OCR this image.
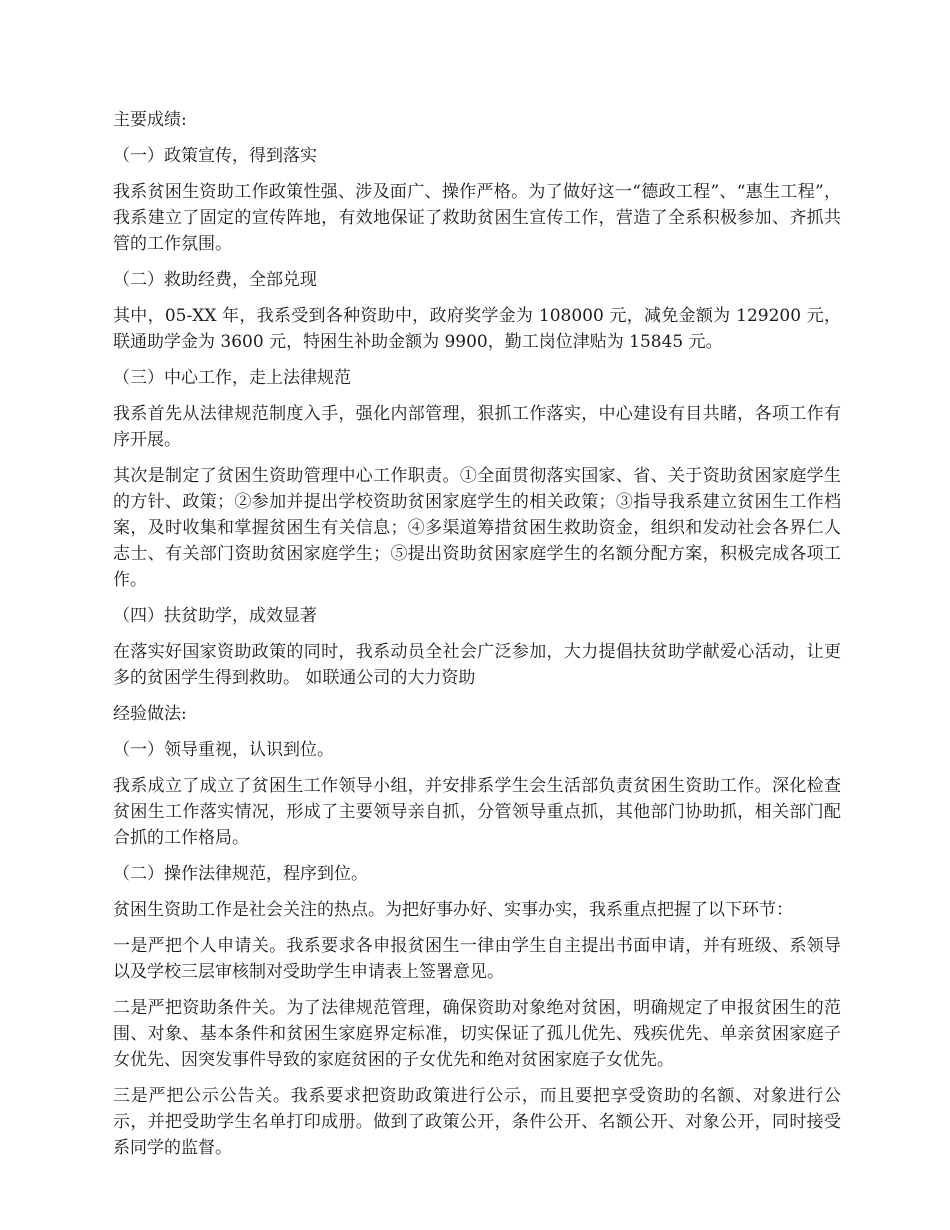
主要成绩:

（一）政策宣传，得到落实

我系贫困生资助工作政策性强、涉及面广、操作严格。为了做好这一“德政工程”、“惠生工程”，我系建立了固定的宣传阵地，有效地保证了救助贫困生宣传工作，营造了全系积极参加、齐抓共管的工作氛围。

（二）救助经费，全部兑现

其中，05-XX 年，我系受到各种资助中，政府奖学金为 108000 元，减免金额为 129200 元，联通助学金为 3600 元，特困生补助金额为 9900，勤工岗位津贴为 15845 元。

（三）中心工作，走上法律规范

我系首先从法律规范制度入手，强化内部管理，狠抓工作落实，中心建设有目共睹，各项工作有序开展。

其次是制定了贫困生资助管理中心工作职责。①全面贯彻落实国家、省、关于资助贫困家庭学生的方针、政策；②参加并提出学校资助贫困家庭学生的相关政策；③指导我系建立贫困生工作档案，及时收集和掌握贫困生有关信息；④多渠道筹措贫困生救助资金，组织和发动社会各界仁人志士、有关部门资助贫困家庭学生；⑤提出资助贫困家庭学生的名额分配方案，积极完成各项工作。

（四）扶贫助学，成效显著

在落实好国家资助政策的同时，我系动员全社会广泛参加，大力提倡扶贫助学献爱心活动，让更多的贫困学生得到救助。 如联通公司的大力资助

经验做法:

（一）领导重视，认识到位。

我系成立了成立了贫困生工作领导小组，并安排系学生会生活部负责贫困生资助工作。深化检查贫困生工作落实情况，形成了主要领导亲自抓，分管领导重点抓，其他部门协助抓，相关部门配合抓的工作格局。

（二）操作法律规范，程序到位。

贫困生资助工作是社会关注的热点。为把好事办好、实事办实，我系重点把握了以下环节：

一是严把个人申请关。我系要求各申报贫困生一律由学生自主提出书面申请，并有班级、系领导以及学校三层审核制对受助学生申请表上签署意见。

二是严把资助条件关。为了法律规范管理，确保资助对象绝对贫困，明确规定了申报贫困生的范围、对象、基本条件和贫困生家庭界定标准，切实保证了孤儿优先、残疾优先、单亲贫困家庭子女优先、因突发事件导致的家庭贫困的子女优先和绝对贫困家庭子女优先。

三是严把公示公告关。我系要求把资助政策进行公示，而且要把享受资助的名额、对象进行公示，并把受助学生名单打印成册。做到了政策公开，条件公开、名额公开、对象公开，同时接受系同学的监督。
